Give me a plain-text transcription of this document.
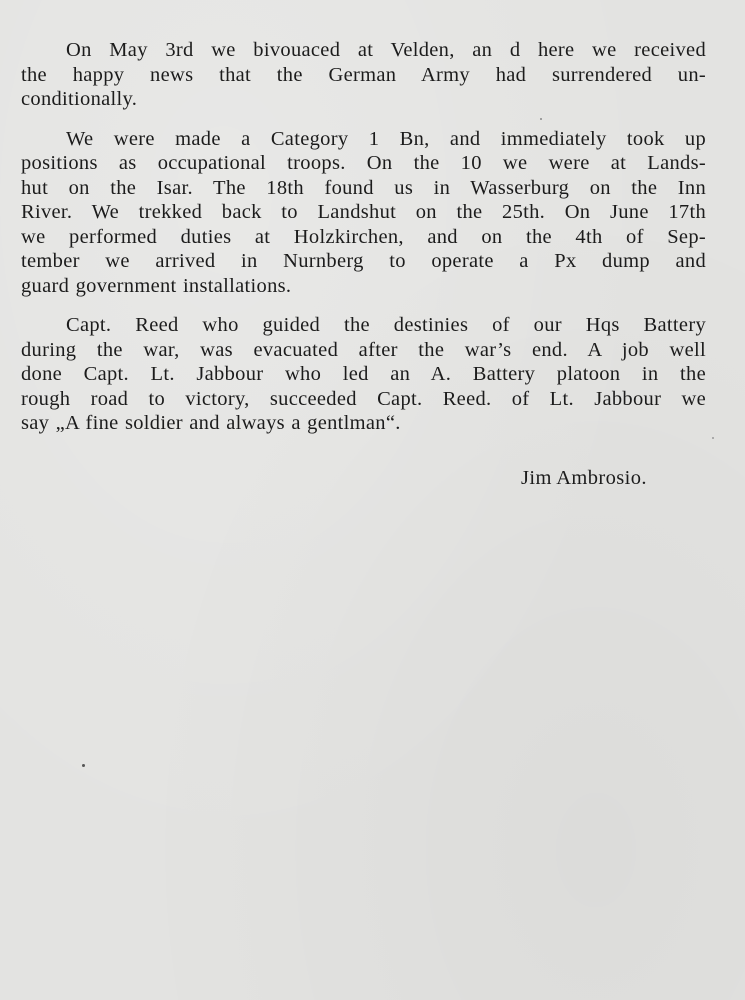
On May 3rd we bivouaced at Velden, an d here we received
the happy news that the German Army had surrendered un-
conditionally.

We were made a Category 1 Bn, and immediately took up
positions as occupational troops. On the 10 we were at Lands-
hut on the Isar. The 18th found us in Wasserburg on the Inn
River. We trekked back to Landshut on the 25th. On June 17th
we performed duties at Holzkirchen, and on the 4th of Sep-
tember we arrived in Nurnberg to operate a Px dump and
guard government installations.

Capt. Reed who guided the destinies of our Hqs Battery
during the war, was evacuated after the war’s end. A job well
done Capt. Lt. Jabbour who led an A. Battery platoon in the
rough road to victory, succeeded Capt. Reed. of Lt. Jabbour we
say „A fine soldier and always a gentlman“.

Jim Ambrosio.
